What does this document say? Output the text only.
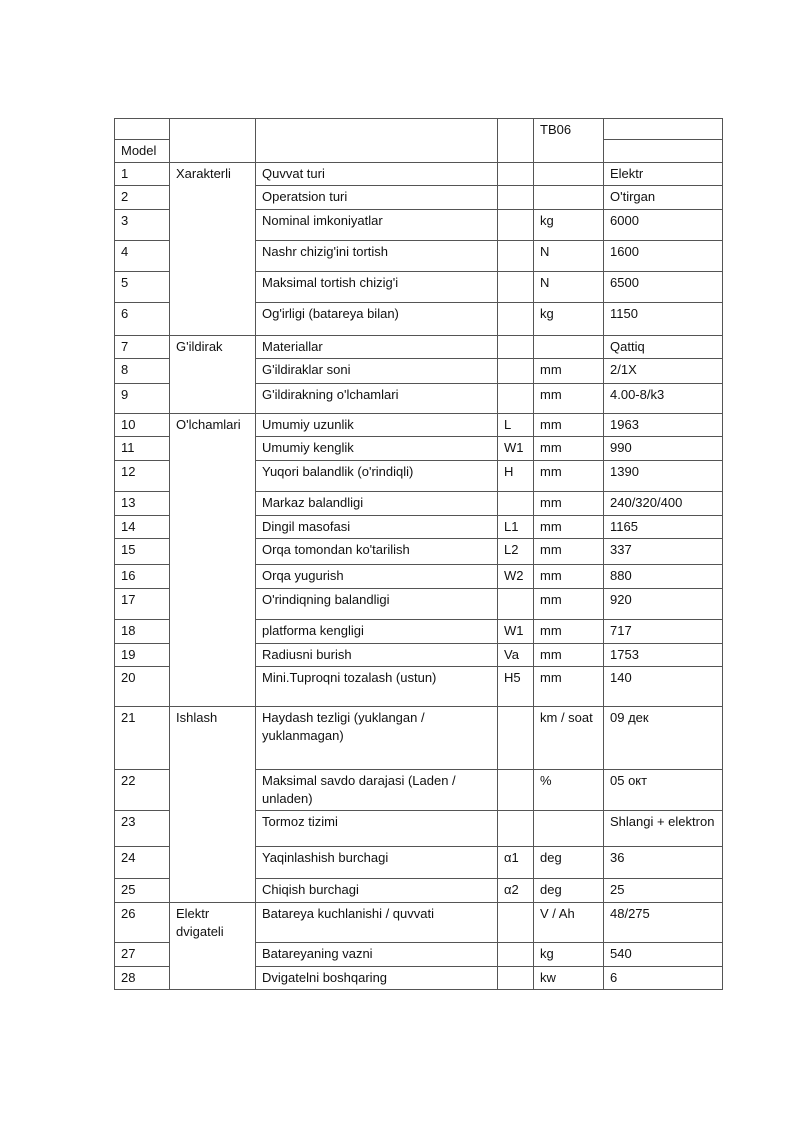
				TB06	
Model					
1	Xarakterli	Quvvat turi			Elektr
2		Operatsion turi			O'tirgan
3		Nominal imkoniyatlar		kg	6000
4		Nashr chizig'ini tortish		N	1600
5		Maksimal tortish chizig'i		N	6500
6		Og'irligi (batareya bilan)		kg	1150
7	G'ildirak	Materiallar			Qattiq
8		G'ildiraklar soni		mm	2/1X
9		G'ildirakning o'lchamlari		mm	4.00-8/k3
10	O'lchamlari	Umumiy uzunlik	L	mm	1963
11		Umumiy kenglik	W1	mm	990
12		Yuqori balandlik (o'rindiqli)	H	mm	1390
13		Markaz balandligi		mm	240/320/400
14		Dingil masofasi	L1	mm	1165
15		Orqa tomondan ko'tarilish	L2	mm	337
16		Orqa yugurish	W2	mm	880
17		O'rindiqning balandligi		mm	920
18		platforma kengligi	W1	mm	717
19		Radiusni burish	Va	mm	1753
20		Mini.Tuproqni tozalash (ustun)	H5	mm	140
21	Ishlash	Haydash tezligi (yuklangan / yuklanmagan)		km / soat	09 дек
22		Maksimal savdo darajasi (Laden / unladen)		%	05 окт
23		Tormoz tizimi			Shlangi + elektron
24		Yaqinlashish burchagi	α1	deg	36
25		Chiqish burchagi	α2	deg	25
26	Elektr dvigateli	Batareya kuchlanishi / quvvati		V / Ah	48/275
27		Batareyaning vazni		kg	540
28		Dvigatelni boshqaring		kw	6
